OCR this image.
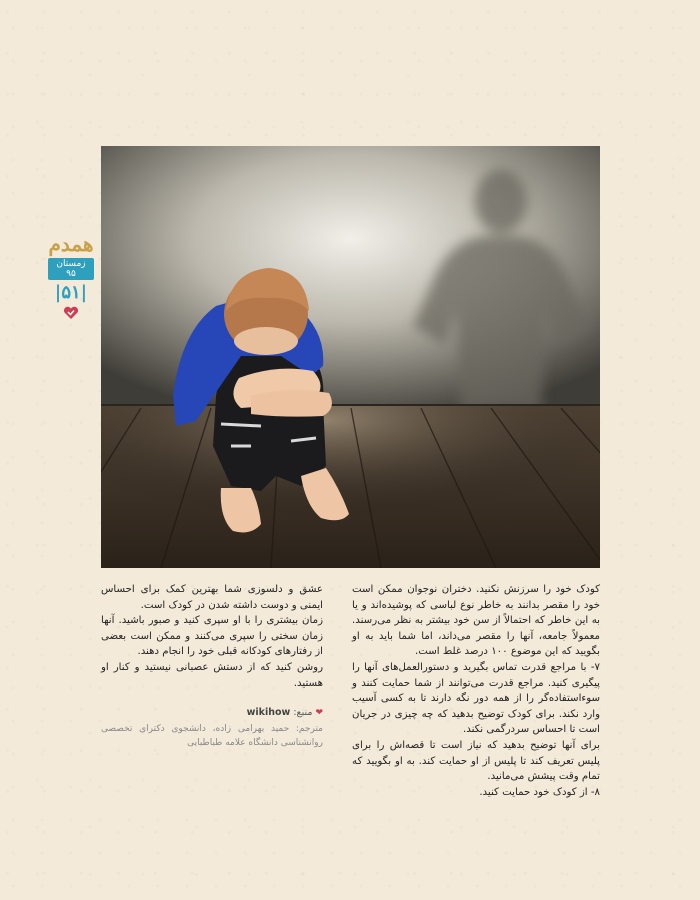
همدم
زمستان ۹۵
|۵۱|

کودک خود را سرزنش نکنید. دختران نوجوان ممکن است خود را مقصر بدانند به خاطر نوع لباسی که پوشیده‌اند و یا به این خاطر که احتمالاً از سن خود بیشتر به نظر می‌رسند. معمولاً جامعه، آنها را مقصر می‌داند، اما شما باید به او بگویید که این موضوع ۱۰۰ درصد غلط است.

۷- با مراجع قدرت تماس بگیرید و دستورالعمل‌های آنها را پیگیری کنید. مراجع قدرت می‌توانند از شما حمایت کنند و سوءاستفاده‌گر را از همه دور نگه دارند تا به کسی آسیب وارد نکند. برای کودک توضیح بدهید که چه چیزی در جریان است تا احساس سردرگمی نکند.

برای آنها توضیح بدهید که نیاز است تا قصه‌اش را برای پلیس تعریف کند تا پلیس از او حمایت کند. به او بگویید که تمام وقت پیشش می‌مانید.

۸- از کودک خود حمایت کنید.

عشق و دلسوزی شما بهترین کمک برای احساس ایمنی و دوست داشته شدن در کودک است.

زمان بیشتری را با او سپری کنید و صبور باشید. آنها زمان سختی را سپری می‌کنند و ممکن است بعضی از رفتارهای کودکانه قبلی خود را انجام دهند.

روشن کنید که از دستش عصبانی نیستید و کنار او هستید.

❤ منبع: wikihow

مترجم: حمید بهرامی زاده، دانشجوی دکترای تخصصی روانشناسی دانشگاه علامه طباطبایی
